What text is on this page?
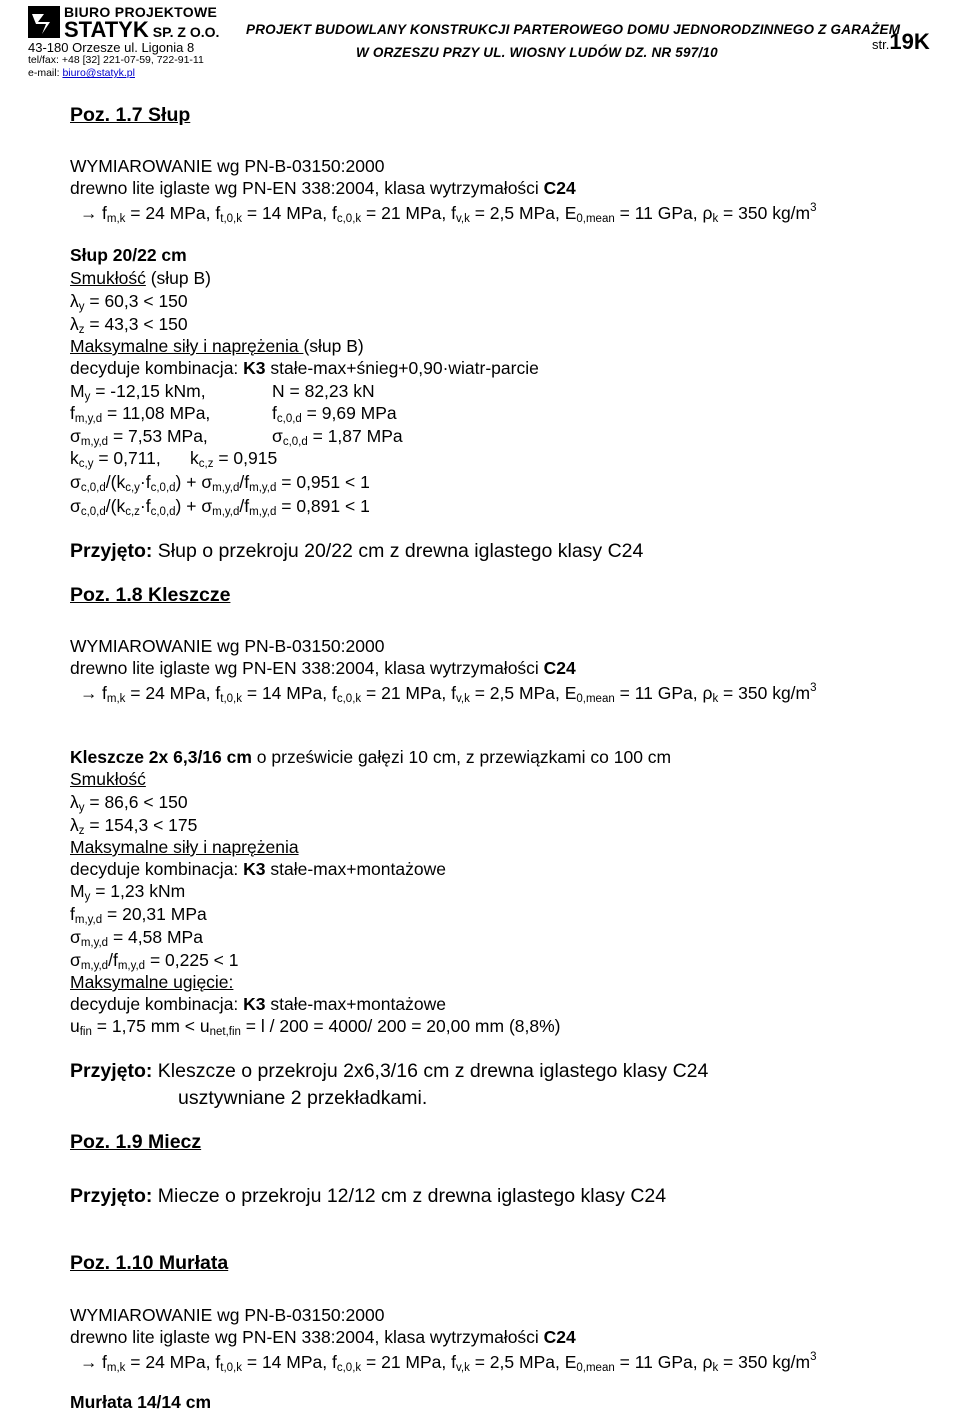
BIURO PROJEKTOWE
STATYK SP. Z O.O.
43-180 Orzesze ul. Ligonia 8
tel/fax: +48 [32] 221-07-59, 722-91-11
e-mail: biuro@statyk.pl
PROJEKT BUDOWLANY KONSTRUKCJI PARTEROWEGO DOMU JEDNORODZINNEGO Z GARAŻEM
W ORZESZU PRZY UL. WIOSNY LUDÓW DZ. NR 597/10
str.19K
Poz. 1.7 Słup
WYMIAROWANIE wg PN-B-03150:2000
drewno lite iglaste wg PN-EN 338:2004, klasa wytrzymałości C24
→ $f_{m,k} = 24$ MPa, $f_{t,0,k} = 14$ MPa, $f_{c,0,k} = 21$ MPa, $f_{v,k} = 2,5$ MPa, $E_{0,mean} = 11$ GPa, $\rho_k = 350$ $kg/m^3$
Słup 20/22 cm
Smukłość (słup B)
$\lambda_y = 60,3 < 150$
$\lambda_z = 43,3 < 150$
Maksymalne siły i naprężenia (słup B)
decyduje kombinacja: K3 stałe-max+śnieg+0,90·wiatr-parcie
$M_y = -12,15$ kNm,	N = 82,23 kN
$f_{m,y,d} = 11,08$ MPa,	$f_{c,0,d} = 9,69$ MPa
$\sigma_{m,y,d} = 7,53$ MPa,	$\sigma_{c,0,d} = 1,87$ MPa
$k_{c,y} = 0,711$, $k_{c,z} = 0,915$
$\sigma_{c,0,d}/(k_{c,y}\cdot f_{c,0,d}) + \sigma_{m,y,d}/f_{m,y,d} = 0,951 < 1$
$\sigma_{c,0,d}/(k_{c,z}\cdot f_{c,0,d}) + \sigma_{m,y,d}/f_{m,y,d} = 0,891 < 1$
Przyjęto: Słup o przekroju 20/22 cm z drewna iglastego klasy C24
Poz. 1.8 Kleszcze
WYMIAROWANIE wg PN-B-03150:2000
drewno lite iglaste wg PN-EN 338:2004, klasa wytrzymałości C24
→ $f_{m,k} = 24$ MPa, $f_{t,0,k} = 14$ MPa, $f_{c,0,k} = 21$ MPa, $f_{v,k} = 2,5$ MPa, $E_{0,mean} = 11$ GPa, $\rho_k = 350$ $kg/m^3$
Kleszcze 2x 6,3/16 cm o prześwicie gałęzi 10 cm, z przewiązkami co 100 cm
Smukłość
$\lambda_y = 86,6 < 150$
$\lambda_z = 154,3 < 175$
Maksymalne siły i naprężenia
decyduje kombinacja: K3 stałe-max+montażowe
$M_y = 1,23$ kNm
$f_{m,y,d} = 20,31$ MPa
$\sigma_{m,y,d} = 4,58$ MPa
$\sigma_{m,y,d}/f_{m,y,d} = 0,225 < 1$
Maksymalne ugięcie:
decyduje kombinacja: K3 stałe-max+montażowe
$u_{fin} = 1,75$ mm < $u_{net,fin} = l / 200 = 4000/$ 200 = 20,00 mm (8,8%)
Przyjęto: Kleszcze o przekroju 2x6,3/16 cm z drewna iglastego klasy C24
usztywniane 2 przekładkami.
Poz. 1.9 Miecz
Przyjęto: Miecze o przekroju 12/12 cm z drewna iglastego klasy C24
Poz. 1.10 Murłata
WYMIAROWANIE wg PN-B-03150:2000
drewno lite iglaste wg PN-EN 338:2004, klasa wytrzymałości C24
→ $f_{m,k} = 24$ MPa, $f_{t,0,k} = 14$ MPa, $f_{c,0,k} = 21$ MPa, $f_{v,k} = 2,5$ MPa, $E_{0,mean} = 11$ GPa, $\rho_k = 350$ $kg/m^3$
Murłata 14/14 cm
